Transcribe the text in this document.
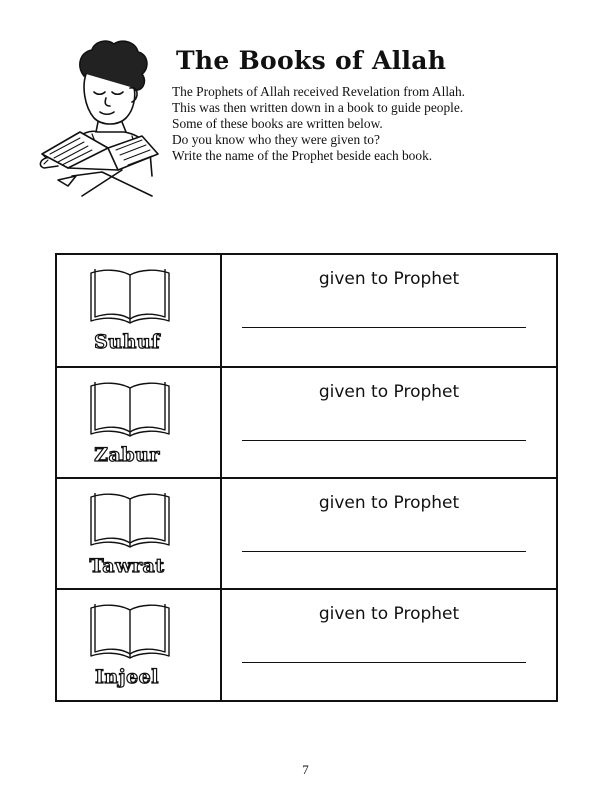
The Books of Allah
The Prophets of Allah received Revelation from Allah.
This was then written down in a book to guide people.
Some of these books are written below.
Do you know who they were given to?
Write the name of the Prophet beside each book.
Suhuf
given to Prophet
Zabur
given to Prophet
Tawrat
given to Prophet
Injeel
given to Prophet
7
